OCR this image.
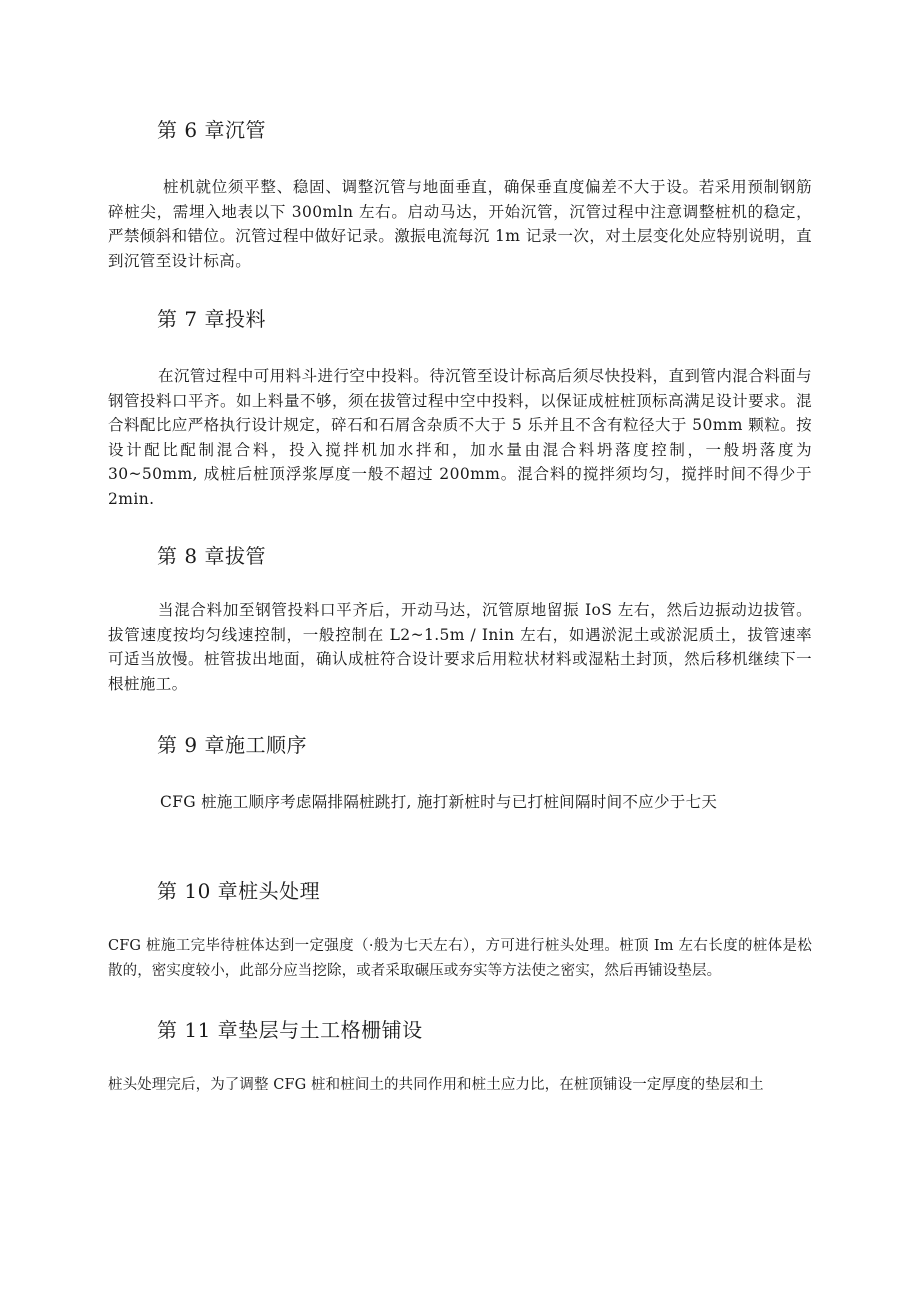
第 6 章沉管
桩机就位须平整、稳固、调整沉管与地面垂直，确保垂直度偏差不大于设。若采用预制钢筋碎桩尖，需埋入地表以下 300mln 左右。启动马达，开始沉管，沉管过程中注意调整桩机的稳定，严禁倾斜和错位。沉管过程中做好记录。激振电流每沉 1m 记录一次，对土层变化处应特别说明，直到沉管至设计标高。
第 7 章投料
在沉管过程中可用料斗进行空中投料。待沉管至设计标高后须尽快投料，直到管内混合料面与钢管投料口平齐。如上料量不够，须在拔管过程中空中投料，以保证成桩桩顶标高满足设计要求。混合料配比应严格执行设计规定，碎石和石屑含杂质不大于 5 乐并且不含有粒径大于 50mm 颗粒。按设计配比配制混合料，投入搅拌机加水拌和，加水量由混合料坍落度控制，一般坍落度为 30~50mm, 成桩后桩顶浮浆厚度一般不超过 200mm。混合料的搅拌须均匀，搅拌时间不得少于 2min.
第 8 章拔管
当混合料加至钢管投料口平齐后，开动马达，沉管原地留振 IoS 左右，然后边振动边拔管。拔管速度按均匀线速控制，一般控制在 L2~1.5m / Inin 左右，如遇淤泥土或淤泥质土，拔管速率可适当放慢。桩管拔出地面，确认成桩符合设计要求后用粒状材料或湿粘土封顶，然后移机继续下一根桩施工。
第 9 章施工顺序
CFG 桩施工顺序考虑隔排隔桩跳打, 施打新桩时与已打桩间隔时间不应少于七天
第 10 章桩头处理
CFG 桩施工完毕待桩体达到一定强度（·般为七天左右），方可进行桩头处理。桩顶 Im 左右长度的桩体是松散的，密实度较小，此部分应当挖除，或者采取碾压或夯实等方法使之密实，然后再铺设垫层。
第 11 章垫层与土工格栅铺设
桩头处理完后，为了调整 CFG 桩和桩间土的共同作用和桩土应力比，在桩顶铺设一定厚度的垫层和土
